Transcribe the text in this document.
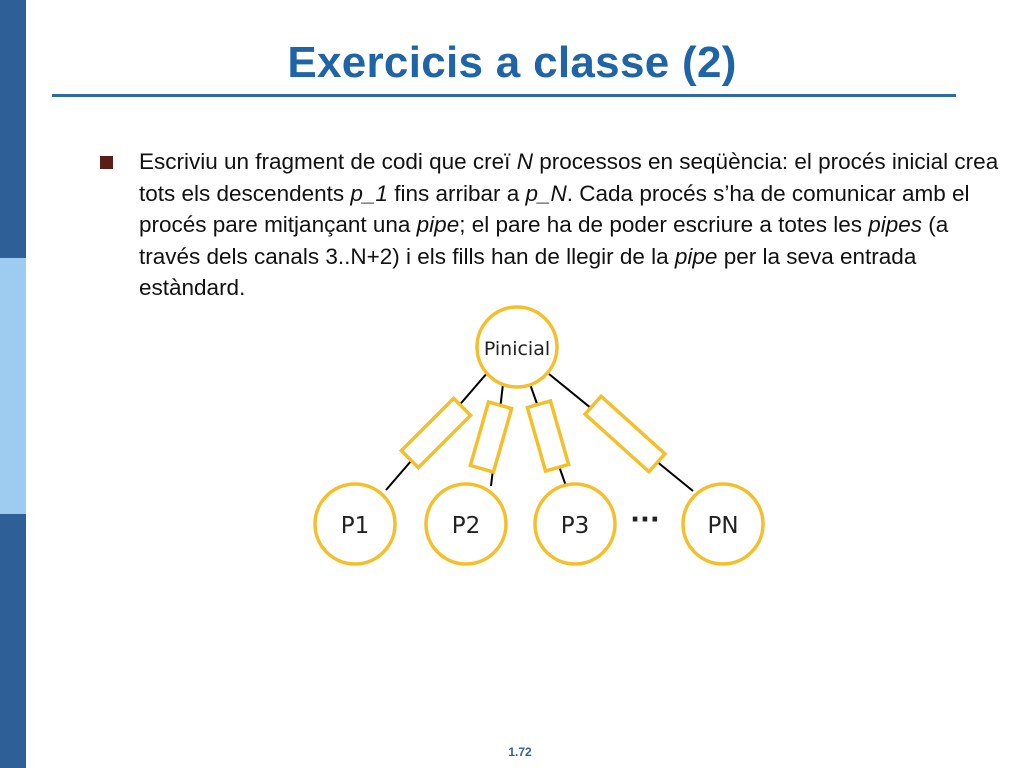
Exercicis a classe (2)
Escriviu un fragment de codi que creï N processos en seqüència: el procés inicial crea tots els descendents p_1 fins arribar a p_N. Cada procés s’ha de comunicar amb el procés pare mitjançant una pipe; el pare ha de poder escriure a totes les pipes (a través dels canals 3..N+2) i els fills han de llegir de la pipe per la seva entrada estàndard.
Pinicial
P1	P2	P3 ··· PN
1.72
